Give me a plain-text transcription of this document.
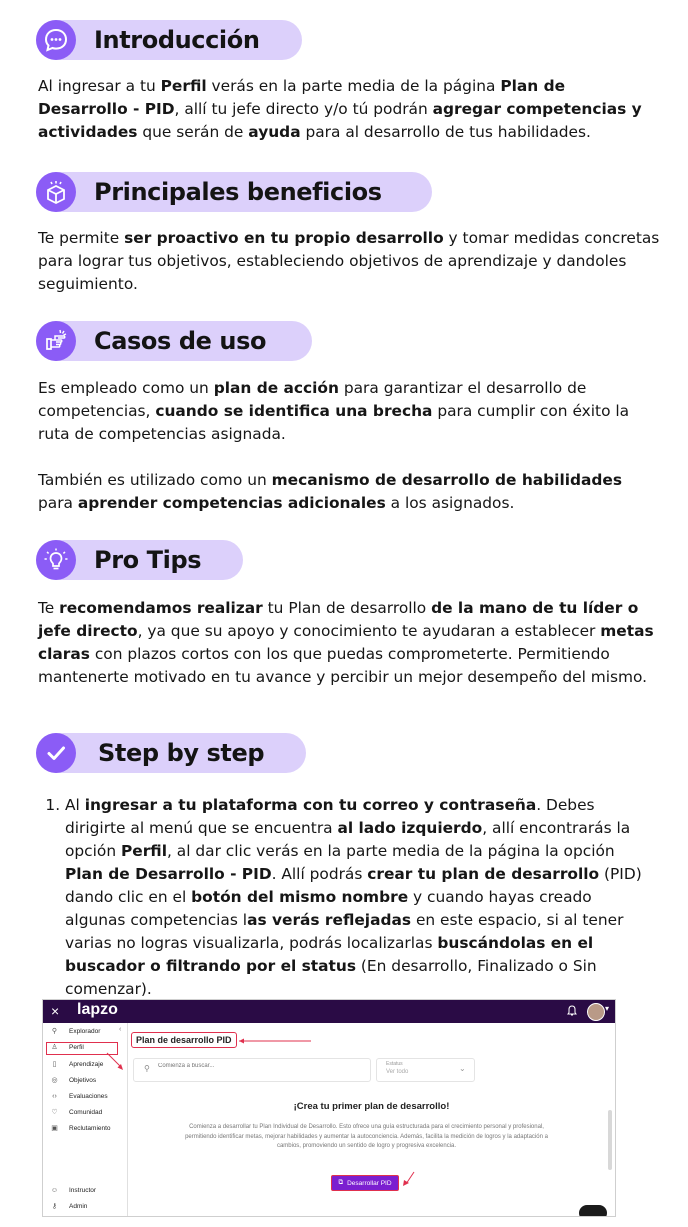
Introducción

Al ingresar a tu Perfil verás en la parte media de la página Plan de Desarrollo - PID, allí tu jefe directo y/o tú podrán agregar competencias y actividades que serán de ayuda para al desarrollo de tus habilidades.

Principales beneficios

Te permite ser proactivo en tu propio desarrollo y tomar medidas concretas para lograr tus objetivos, estableciendo objetivos de aprendizaje y dandoles seguimiento.

Casos de uso

Es empleado como un plan de acción para garantizar el desarrollo de competencias, cuando se identifica una brecha para cumplir con éxito la ruta de competencias asignada.

También es utilizado como un mecanismo de desarrollo de habilidades para aprender competencias adicionales a los asignados.

Pro Tips

Te recomendamos realizar tu Plan de desarrollo de la mano de tu líder o jefe directo, ya que su apoyo y conocimiento te ayudaran a establecer metas claras con plazos cortos con los que puedas comprometerte. Permitiendo mantenerte motivado en tu avance y percibir un mejor desempeño del mismo.

Step by step
1. Al ingresar a tu plataforma con tu correo y contraseña. Debes dirigirte al menú que se encuentra al lado izquierdo, allí encontrarás la opción Perfil, al dar clic verás en la parte media de la página la opción Plan de Desarrollo - PID. Allí podrás crear tu plan de desarrollo (PID) dando clic en el botón del mismo nombre y cuando hayas creado algunas competencias las verás reflejadas en este espacio, si al tener varias no logras visualizarla, podrás localizarlas buscándolas en el buscador o filtrando por el status (En desarrollo, Finalizado o Sin comenzar).
× lapzo	▾
‹
⚲ Explorador
♙ Perfil
▯	Aprendizaje
◎ Objetivos
‹›	Evaluaciones
♡ Comunidad
▣ Reclutamiento
☺ Instructor
⚷ Admin
Plan de desarrollo PID
⚲
Comienza a buscar...	Estatus
Ver todo	⌄
¡Crea tu primer plan de desarrollo!
Comienza a desarrollar tu Plan Individual de Desarrollo. Esto ofrece una guía estructurada para el crecimiento personal y profesional, permitiendo identificar metas, mejorar habilidades y aumentar la autoconciencia. Además, facilita la medición de logros y la adaptación a cambios, promoviendo un sentido de logro y progresiva excelencia.
⧉ Desarrollar PID
